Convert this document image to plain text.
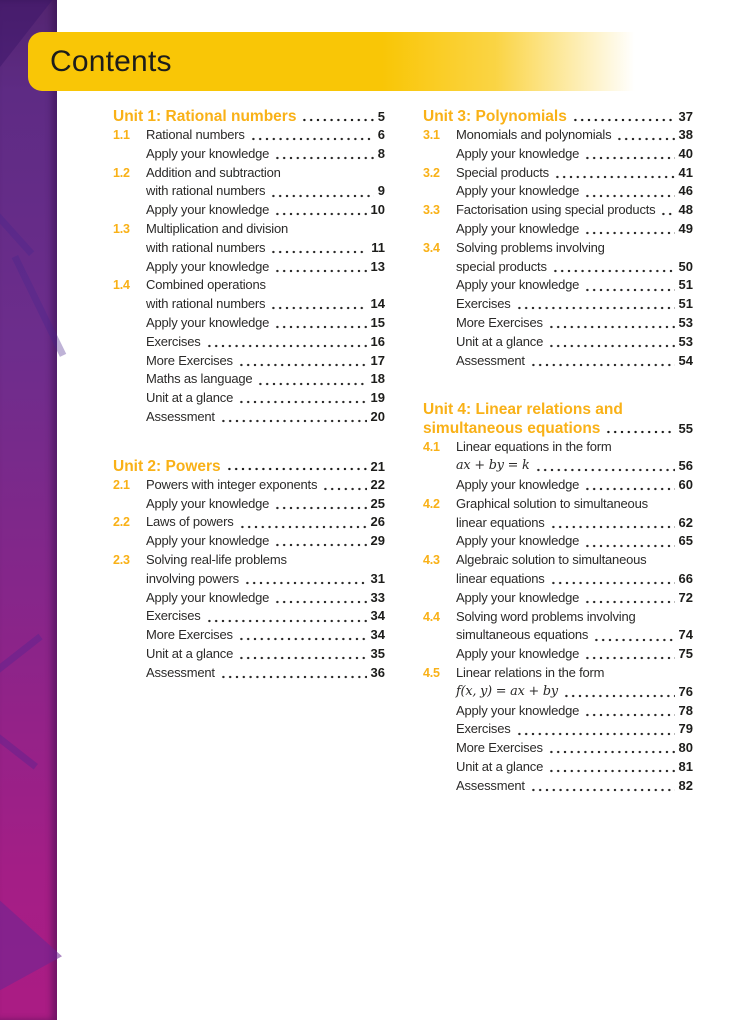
Contents
Unit 1: Rational numbers	5
1.1	Rational numbers	6
Apply your knowledge	8
1.2	Addition and subtraction
with rational numbers	9
Apply your knowledge	10
1.3	Multiplication and division
with rational numbers	11
Apply your knowledge	13
1.4	Combined operations
with rational numbers	14
Apply your knowledge	15
Exercises	16
More Exercises	17
Maths as language	18
Unit at a glance	19
Assessment	20
Unit 2: Powers	21
2.1	Powers with integer exponents	22
Apply your knowledge	25
2.2	Laws of powers	26
Apply your knowledge	29
2.3	Solving real-life problems
involving powers	31
Apply your knowledge	33
Exercises	34
More Exercises	34
Unit at a glance	35
Assessment	36
Unit 3: Polynomials	37
3.1	Monomials and polynomials	38
Apply your knowledge	40
3.2	Special products	41
Apply your knowledge	46
3.3	Factorisation using special products 48
Apply your knowledge	49
3.4	Solving problems involving
special products	50
Apply your knowledge	51
Exercises	51
More Exercises	53
Unit at a glance	53
Assessment	54
Unit 4: Linear relations and
simultaneous equations	55
4.1	Linear equations in the form
ax + by = k	56
Apply your knowledge	60
4.2	Graphical solution to simultaneous
linear equations	62
Apply your knowledge	65
4.3	Algebraic solution to simultaneous
linear equations	66
Apply your knowledge	72
4.4	Solving word problems involving
simultaneous equations	74
Apply your knowledge	75
4.5	Linear relations in the form
f(x, y) = ax + by	76
Apply your knowledge	78
Exercises	79
More Exercises	80
Unit at a glance	81
Assessment	82
